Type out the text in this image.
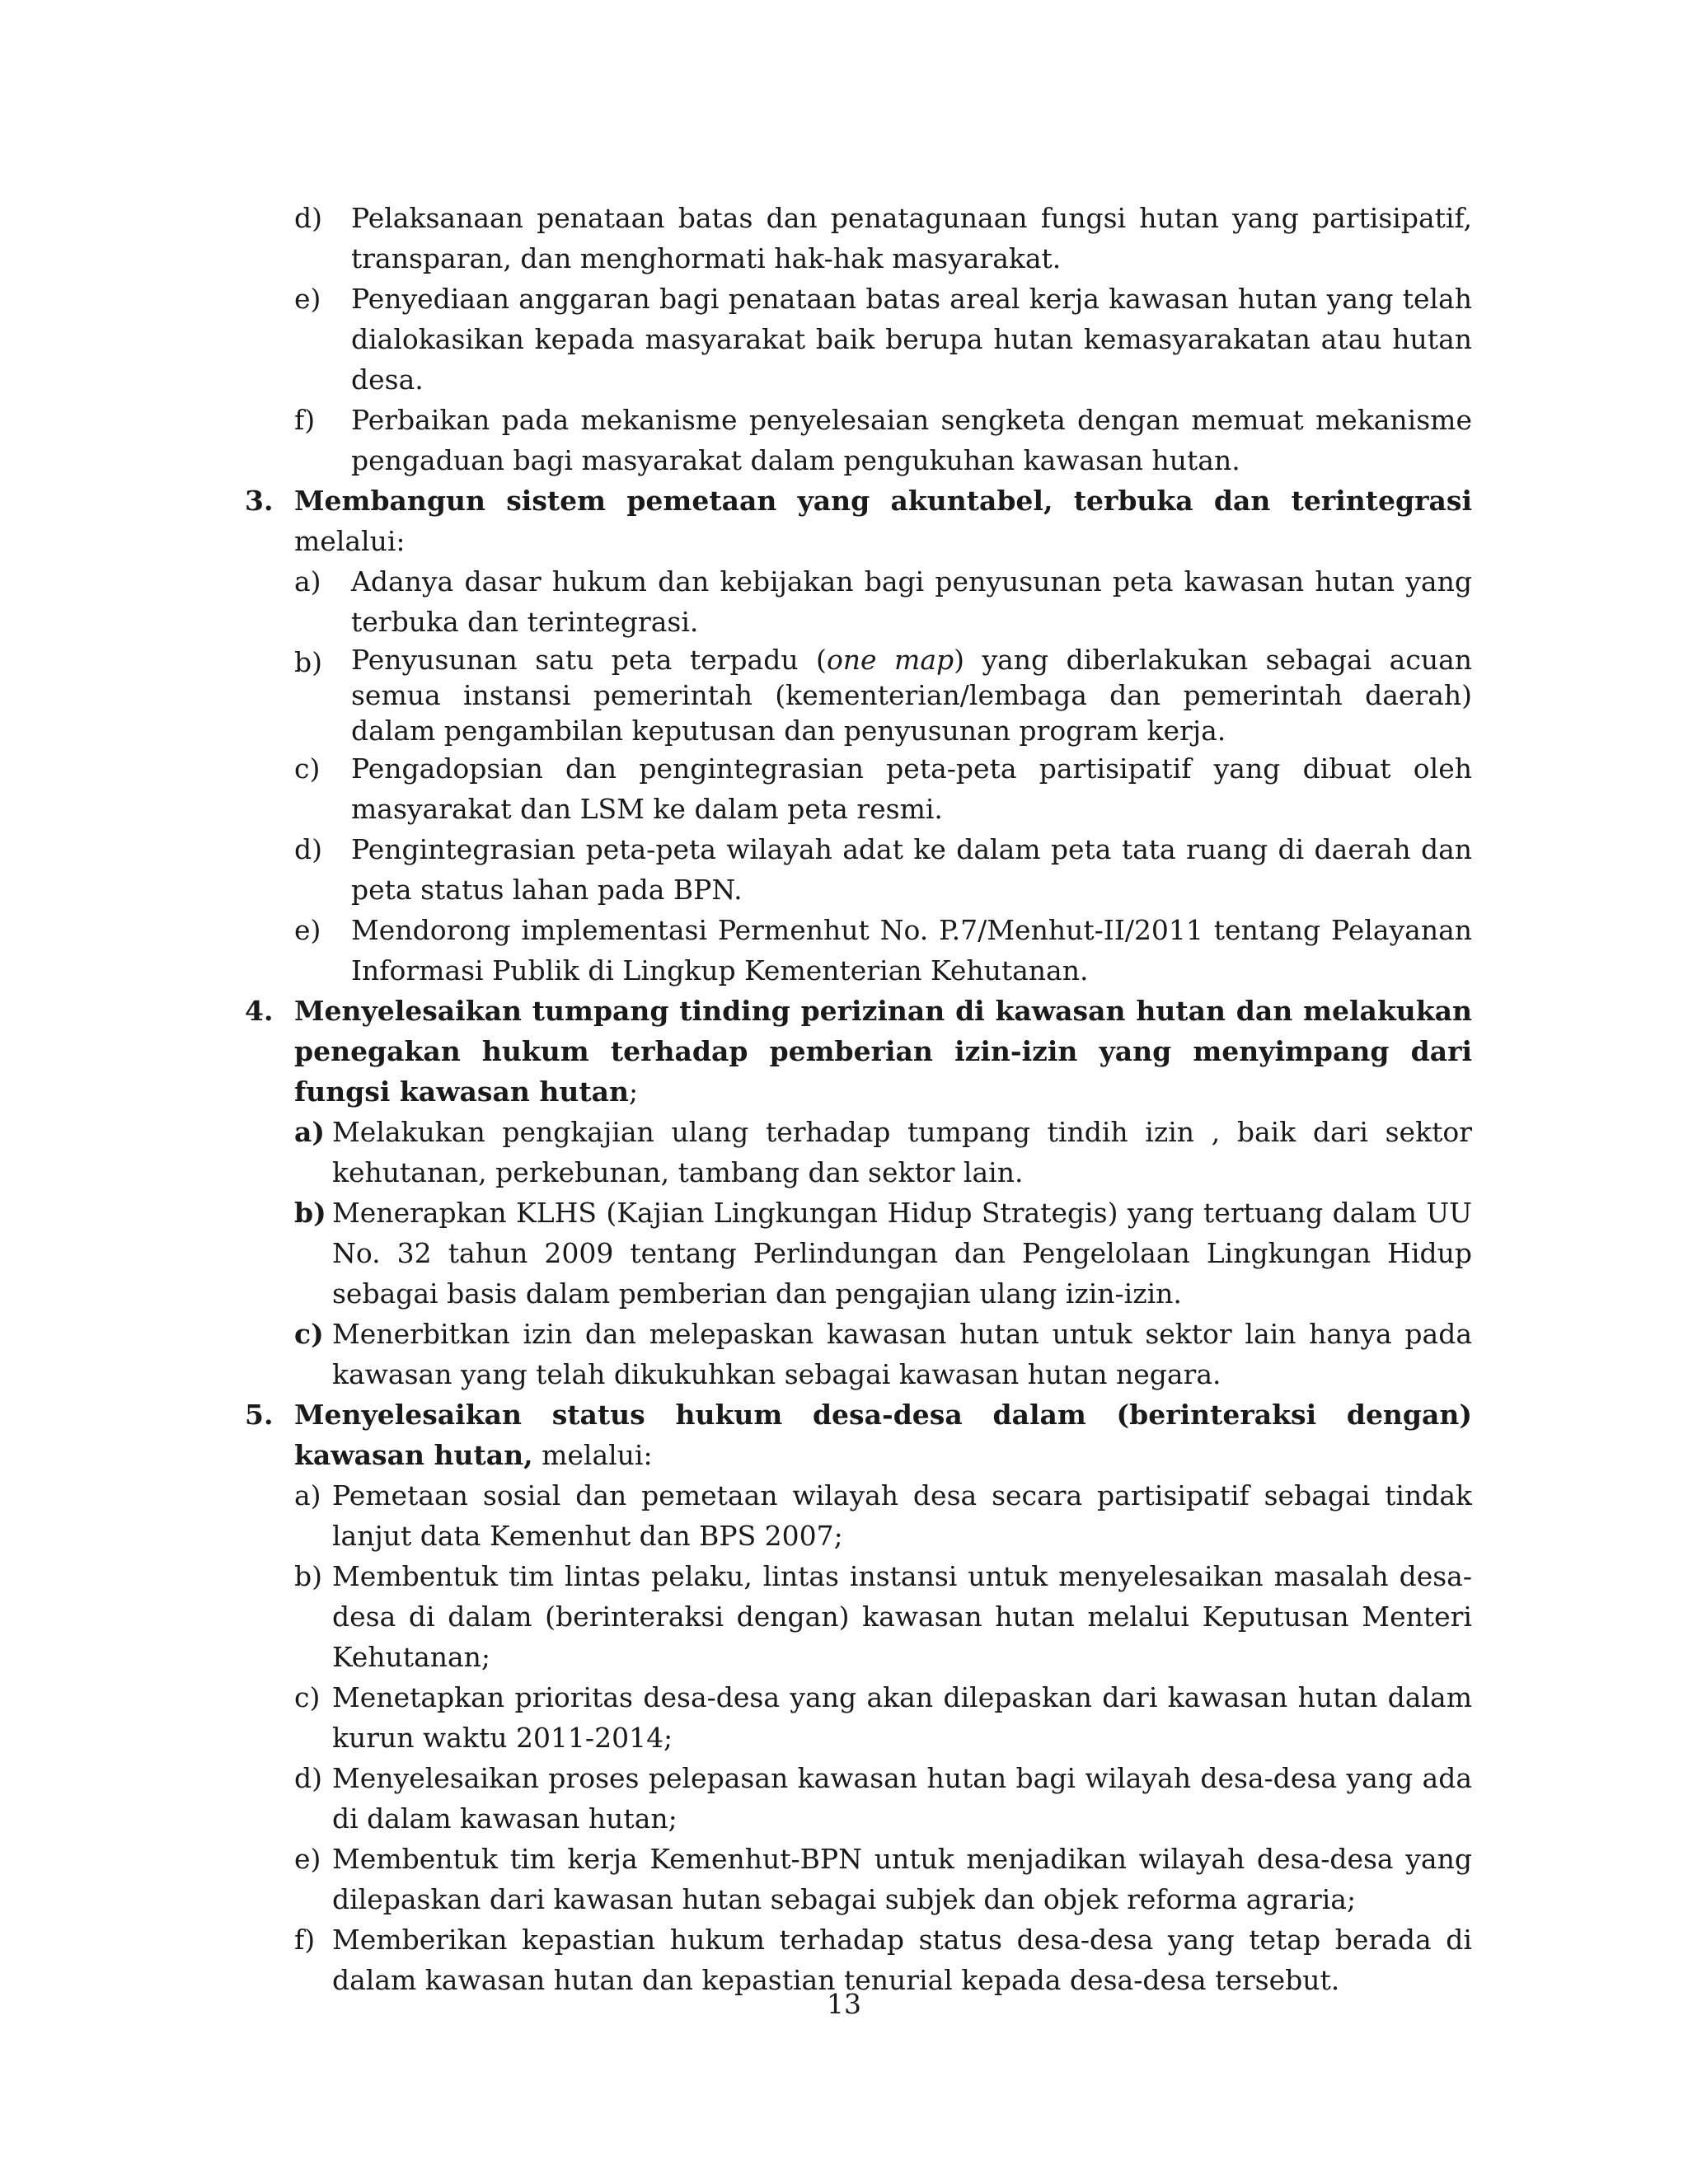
d)	Pelaksanaan penataan batas dan penatagunaan fungsi hutan yang partisipatif, transparan, dan menghormati hak-hak masyarakat.
e)	Penyediaan anggaran bagi penataan batas areal kerja kawasan hutan yang telah dialokasikan kepada masyarakat baik berupa hutan kemasyarakatan atau hutan desa.
f)	Perbaikan pada mekanisme penyelesaian sengketa dengan memuat mekanisme pengaduan bagi masyarakat dalam pengukuhan kawasan hutan.
3. Membangun sistem pemetaan yang akuntabel, terbuka dan terintegrasi melalui:
a)	Adanya dasar hukum dan kebijakan bagi penyusunan peta kawasan hutan yang terbuka dan terintegrasi.
b)	Penyusunan satu peta terpadu (one map) yang diberlakukan sebagai acuan semua instansi pemerintah (kementerian/lembaga dan pemerintah daerah) dalam pengambilan keputusan dan penyusunan program kerja.
c)	Pengadopsian dan pengintegrasian peta-peta partisipatif yang dibuat oleh masyarakat dan LSM ke dalam peta resmi.
d)	Pengintegrasian peta-peta wilayah adat ke dalam peta tata ruang di daerah dan peta status lahan pada BPN.
e)	Mendorong implementasi Permenhut No. P.7/Menhut-II/2011 tentang Pelayanan Informasi Publik di Lingkup Kementerian Kehutanan.
4. Menyelesaikan tumpang tinding perizinan di kawasan hutan dan melakukan penegakan hukum terhadap pemberian izin-izin yang menyimpang dari fungsi kawasan hutan;
a) Melakukan pengkajian ulang terhadap tumpang tindih izin , baik dari sektor kehutanan, perkebunan, tambang dan sektor lain.
b) Menerapkan KLHS (Kajian Lingkungan Hidup Strategis) yang tertuang dalam UU No. 32 tahun 2009 tentang Perlindungan dan Pengelolaan Lingkungan Hidup sebagai basis dalam pemberian dan pengajian ulang izin-izin.
c) Menerbitkan izin dan melepaskan kawasan hutan untuk sektor lain hanya pada kawasan yang telah dikukuhkan sebagai kawasan hutan negara.
5. Menyelesaikan status hukum desa-desa dalam (berinteraksi dengan) kawasan hutan, melalui:
a) Pemetaan sosial dan pemetaan wilayah desa secara partisipatif sebagai tindak lanjut data Kemenhut dan BPS 2007;
b) Membentuk tim lintas pelaku, lintas instansi untuk menyelesaikan masalah desa-desa di dalam (berinteraksi dengan) kawasan hutan melalui Keputusan Menteri Kehutanan;
c) Menetapkan prioritas desa-desa yang akan dilepaskan dari kawasan hutan dalam kurun waktu 2011-2014;
d) Menyelesaikan proses pelepasan kawasan hutan bagi wilayah desa-desa yang ada di dalam kawasan hutan;
e) Membentuk tim kerja Kemenhut-BPN untuk menjadikan wilayah desa-desa yang dilepaskan dari kawasan hutan sebagai subjek dan objek reforma agraria;
f) Memberikan kepastian hukum terhadap status desa-desa yang tetap berada di dalam kawasan hutan dan kepastian tenurial kepada desa-desa tersebut.
13
